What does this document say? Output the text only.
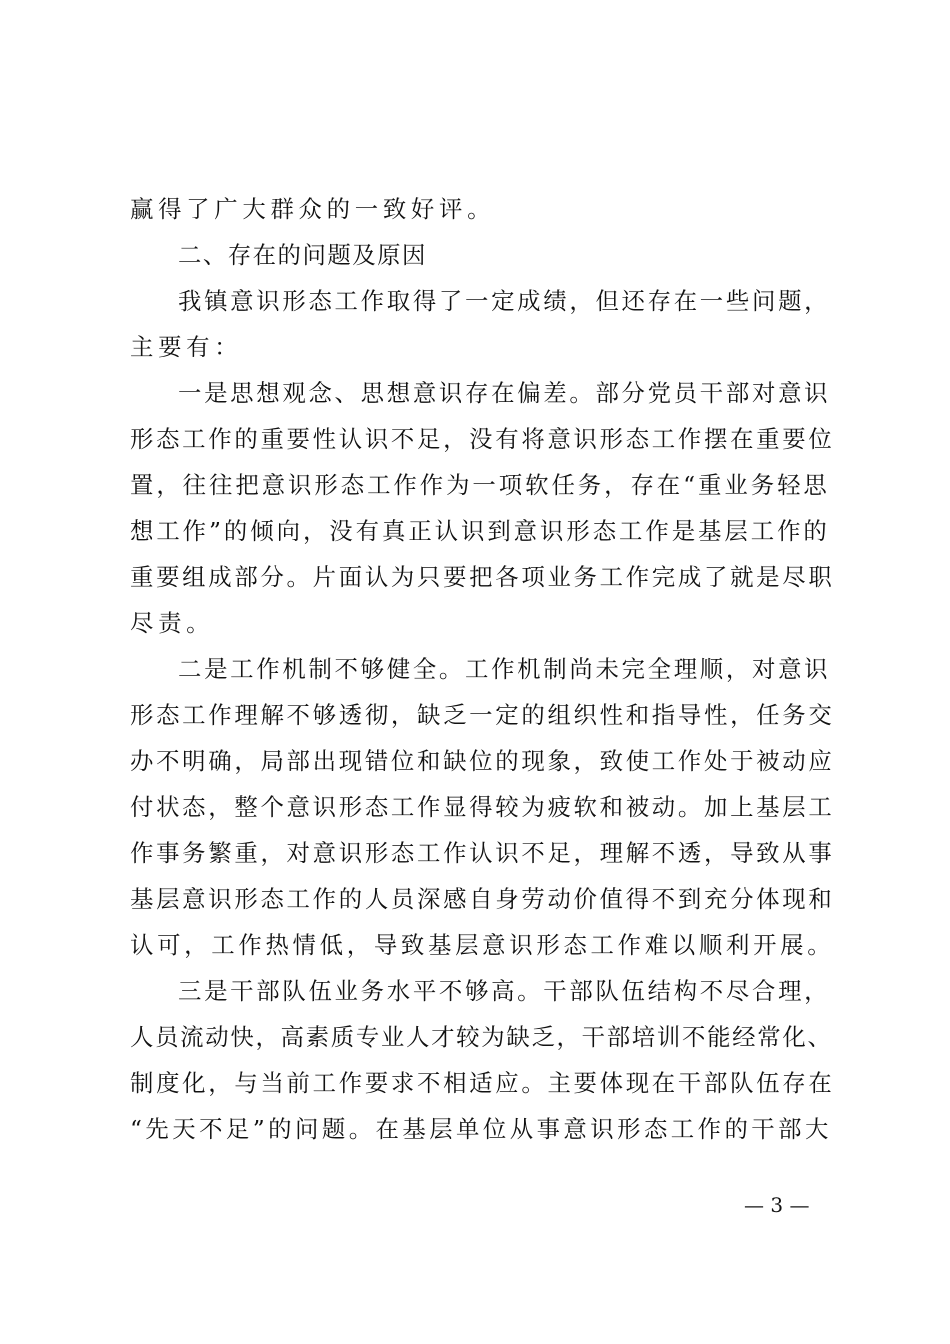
赢得了广大群众的一致好评。
二、存在的问题及原因
我镇意识形态工作取得了一定成绩，但还存在一些问题，
主要有：
一是思想观念、思想意识存在偏差。部分党员干部对意识
形态工作的重要性认识不足，没有将意识形态工作摆在重要位
置，往往把意识形态工作作为一项软任务，存在“重业务轻思
想工作”的倾向，没有真正认识到意识形态工作是基层工作的
重要组成部分。片面认为只要把各项业务工作完成了就是尽职
尽责。
二是工作机制不够健全。工作机制尚未完全理顺，对意识
形态工作理解不够透彻，缺乏一定的组织性和指导性，任务交
办不明确，局部出现错位和缺位的现象，致使工作处于被动应
付状态，整个意识形态工作显得较为疲软和被动。加上基层工
作事务繁重，对意识形态工作认识不足，理解不透，导致从事
基层意识形态工作的人员深感自身劳动价值得不到充分体现和
认可，工作热情低，导致基层意识形态工作难以顺利开展。
三是干部队伍业务水平不够高。干部队伍结构不尽合理，
人员流动快，高素质专业人才较为缺乏，干部培训不能经常化、
制度化，与当前工作要求不相适应。主要体现在干部队伍存在
“先天不足”的问题。在基层单位从事意识形态工作的干部大
— 3 —
